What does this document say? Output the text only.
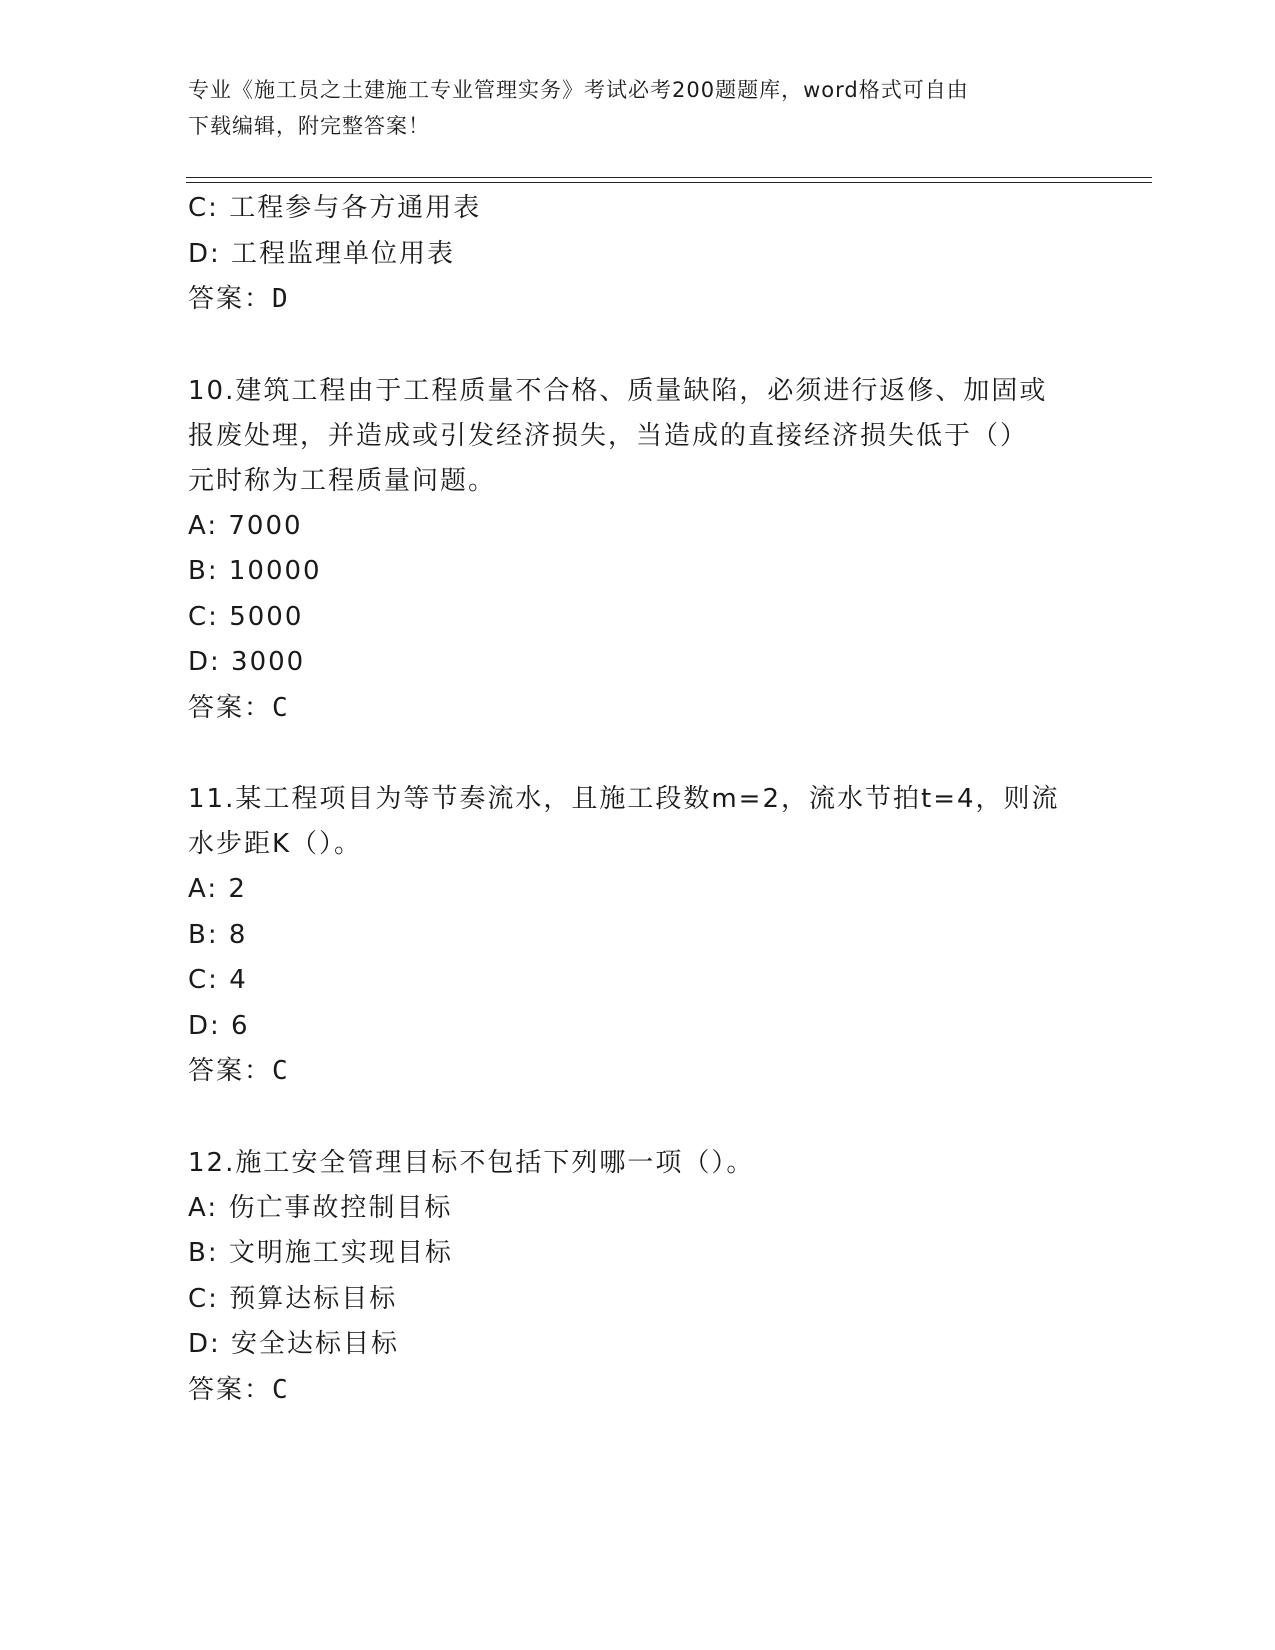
专业《施工员之土建施工专业管理实务》考试必考200题题库，word格式可自由
下载编辑，附完整答案！
C: 工程参与各方通用表
D: 工程监理单位用表
答案：D
10.建筑工程由于工程质量不合格、质量缺陷，必须进行返修、加固或
报废处理，并造成或引发经济损失，当造成的直接经济损失低于（）
元时称为工程质量问题。
A: 7000
B: 10000
C: 5000
D: 3000
答案：C
11.某工程项目为等节奏流水，且施工段数m=2，流水节拍t=4，则流
水步距K（）。
A: 2
B: 8
C: 4
D: 6
答案：C
12.施工安全管理目标不包括下列哪一项（）。
A: 伤亡事故控制目标
B: 文明施工实现目标
C: 预算达标目标
D: 安全达标目标
答案：C
